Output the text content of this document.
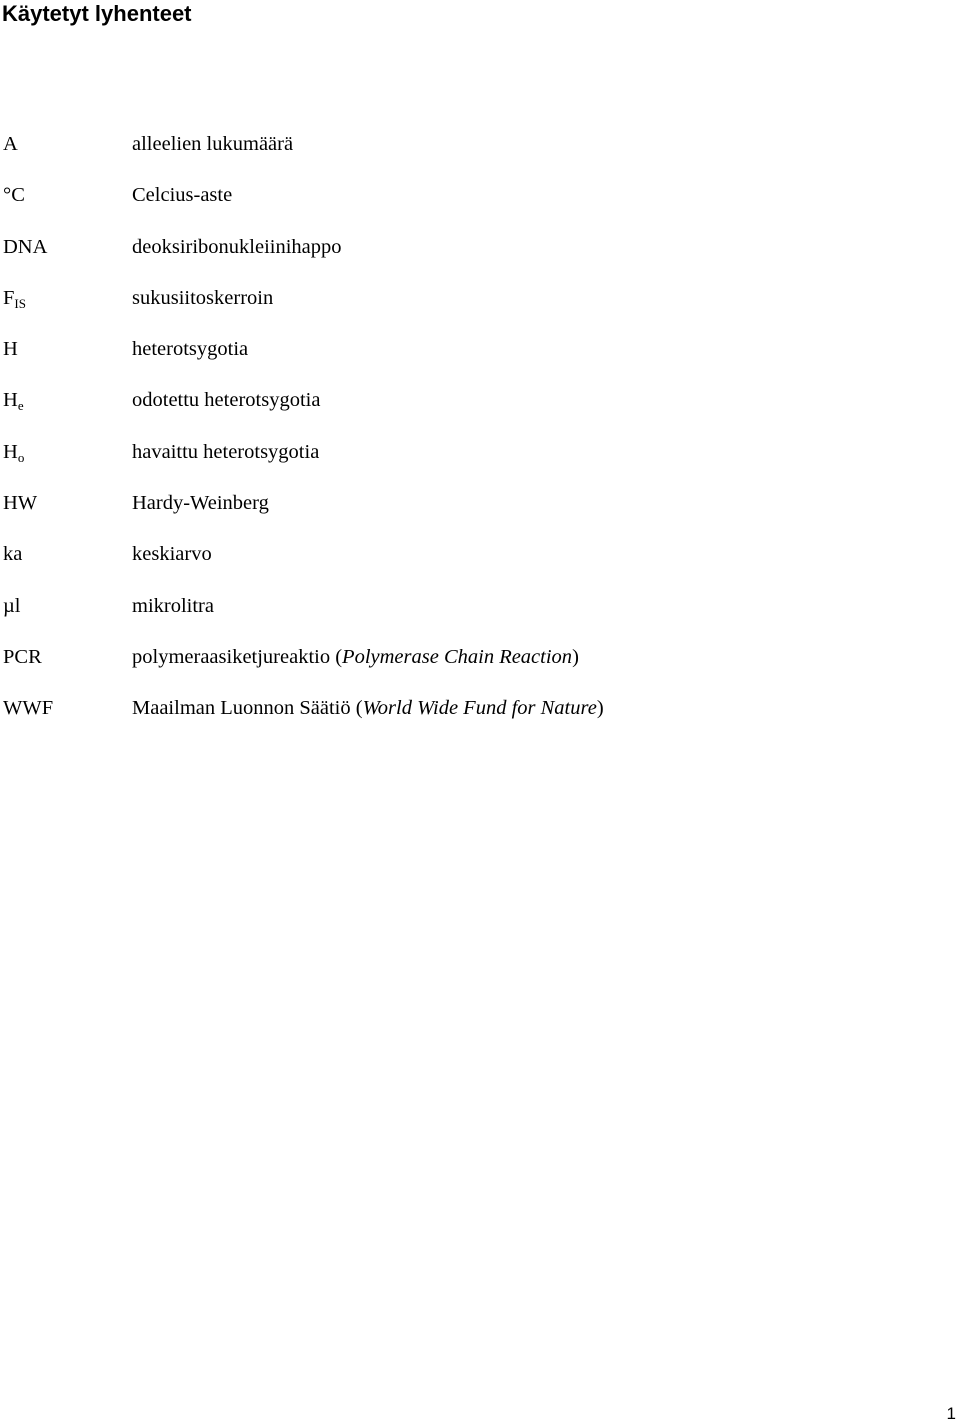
Käytetyt lyhenteet
A	alleelien lukumäärä
°C	Celcius-aste
DNA	deoksiribonukleiinihappo
$F_{IS}$	sukusiitoskerroin
H	heterotsygotia
$H_e$	odotettu heterotsygotia
$H_o$	havaittu heterotsygotia
HW	Hardy-Weinberg
ka	keskiarvo
µl	mikrolitra
PCR	polymeraasiketjureaktio (Polymerase Chain Reaction)
WWF	Maailman Luonnon Säätiö (World Wide Fund for Nature)
1
